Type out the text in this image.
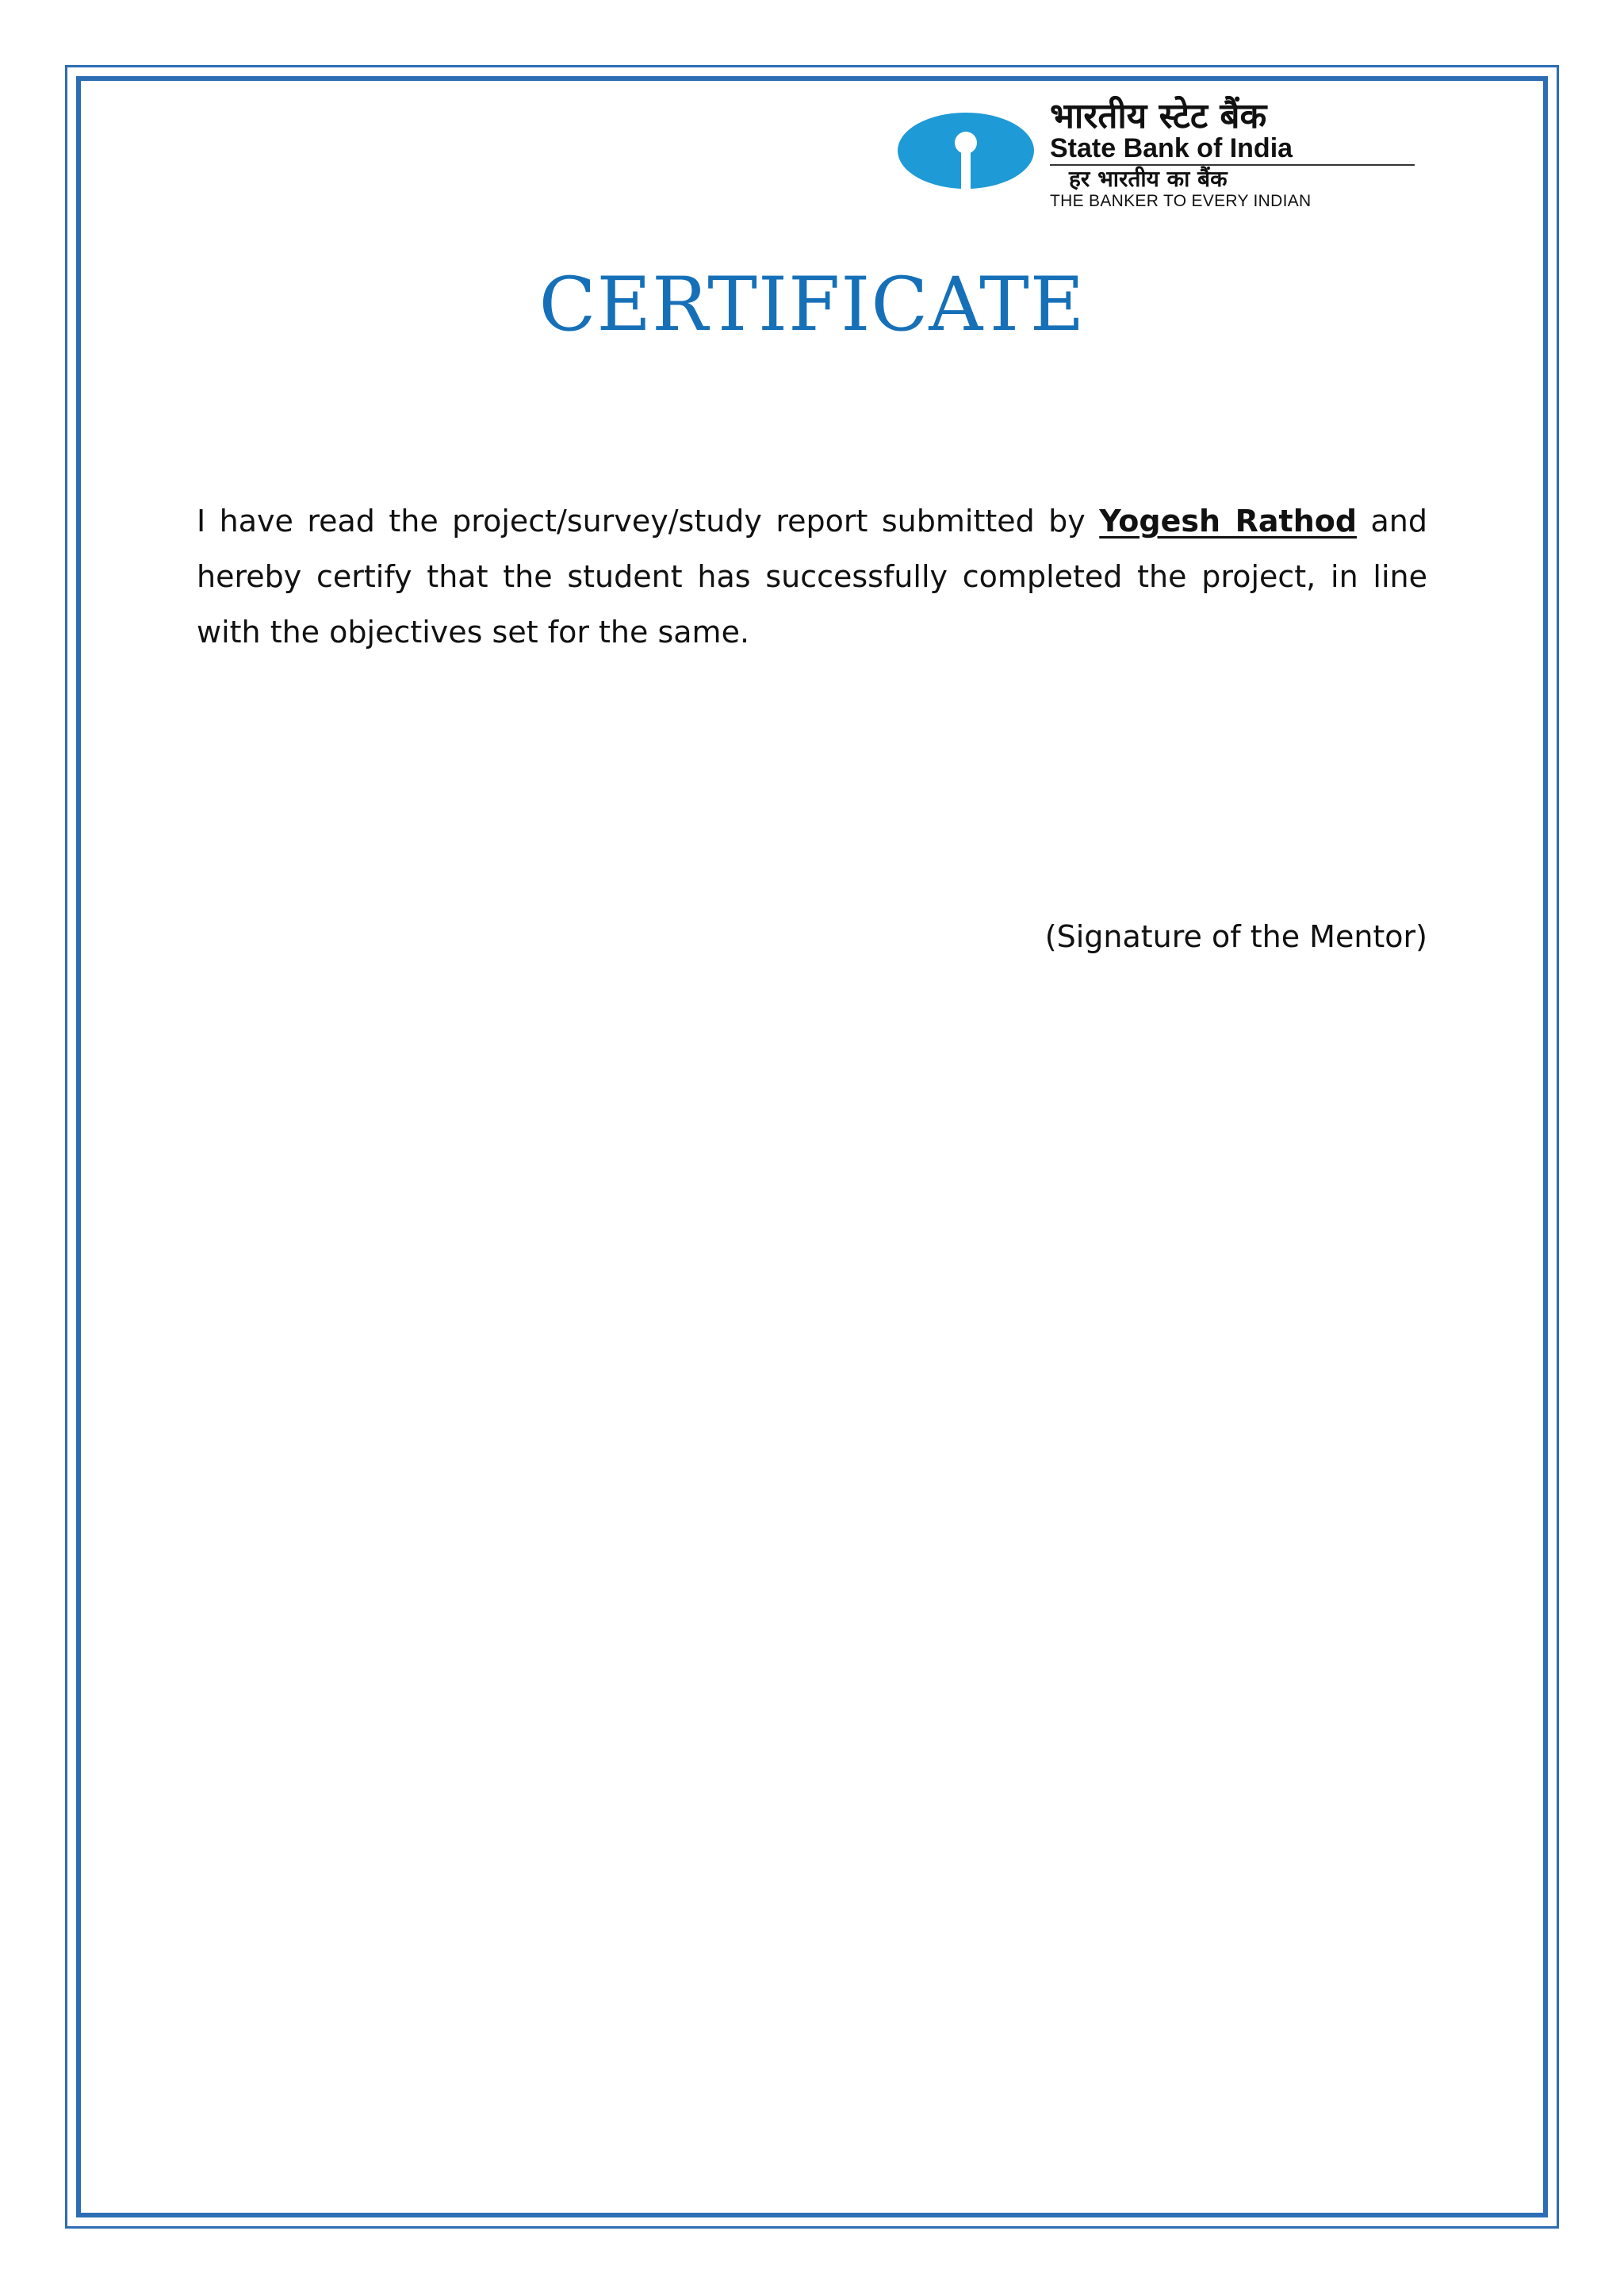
भारतीय स्टेट बैंक
State Bank of India
हर भारतीय का बैंक
THE BANKER TO EVERY INDIAN
CERTIFICATE
I have read the project/survey/study report submitted by Yogesh Rathod and hereby certify that the student has successfully completed the project, in line with the objectives set for the same.
(Signature of the Mentor)
